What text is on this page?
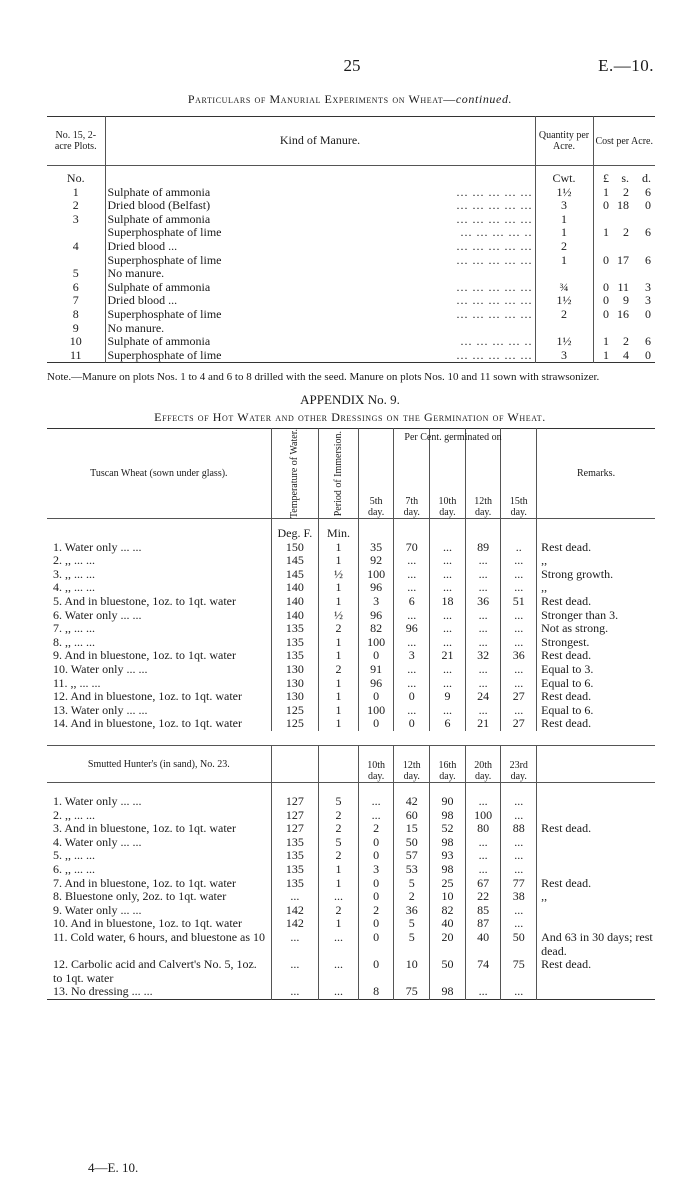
25	E.—10.
Particulars of Manurial Experiments on Wheat—continued.
No. 15, 2-acre Plots.	Kind of Manure.	Quantity per Acre.	Cost per Acre.		
No.		Cwt.	£	s.	d.
1	Sulphate of ammonia ... ... ... ... ...	1½	1	2	6
2	Dried blood (Belfast) ... ... ... ... ...	3	0	18	0
3	Sulphate of ammonia ... ... ... ... ...	1			
	Superphosphate of lime ... ... ... ... ..	1	1	2	6
4	Dried blood ... ... ... ... ... ...	2			
	Superphosphate of lime ... ... ... ... ...	1	0	17	6
5	No manure.

6	Sulphate of ammonia ... ... ... ... ...	¾	0	11	3
7	Dried blood ... ... ... ... ... ...	1½	0	9	3
8	Superphosphate of lime ... ... ... ... ...	2	0	16	0
9	No manure.

10	Sulphate of ammonia ... ... ... ... ..	1½	1	2	6
11	Superphosphate of lime ... ... ... ... ...	3	1	4	0
Note.—Manure on plots Nos. 1 to 4 and 6 to 8 drilled with the seed. Manure on plots Nos. 10 and 11 sown with strawsonizer.
APPENDIX No. 9.
Effects of Hot Water and other Dressings on the Germination of Wheat.
Tuscan Wheat (sown under glass).	Temperature of Water.	Period of Immersion.	5th day.	7th day.	10th day.	12th day.	15th day.	Remarks.
	Deg. F.	Min.						
1. Water only ... ...	150	1	35	70	...	89	..	Rest dead.
2. ,, ... ...	145	1	92	...	...	...	...	,,
3. ,, ... ...	145	½	100	...	...	...	...	Strong growth.
4. ,, ... ...	140	1	96	...	...	...	...	,,
5. And in bluestone, 1oz. to 1qt. water	140	1	3	6	18	36	51	Rest dead.
6. Water only ... ...	140	½	96	...	...	...	...	Stronger than 3.
7. ,, ... ...	135	2	82	96	...	...	...	Not as strong.
8. ,, ... ...	135	1	100	...	...	...	...	Strongest.
9. And in bluestone, 1oz. to 1qt. water	135	1	0	3	21	32	36	Rest dead.
10. Water only ... ...	130	2	91	...	...	...	...	Equal to 3.
11. ,, ... ...	130	1	96	...	...	...	...	Equal to 6.
12. And in bluestone, 1oz. to 1qt. water	130	1	0	0	9	24	27	Rest dead.
13. Water only ... ...	125	1	100	...	...	...	...	Equal to 6.
14. And in bluestone, 1oz. to 1qt. water	125	1	0	0	6	21	27	Rest dead.

Smutted Hunter's (in sand), No. 23.			10th day.	12th day.	16th day.	20th day.	23rd day.	

1. Water only ... ...	127	5	...	42	90	...	...	
2. ,, ... ...	127	2	...	60	98	100	...	
3. And in bluestone, 1oz. to 1qt. water	127	2	2	15	52	80	88	Rest dead.
4. Water only ... ...	135	5	0	50	98	...	...	
5. ,, ... ...	135	2	0	57	93	...	...	
6. ,, ... ...	135	1	3	53	98	...	...	
7. And in bluestone, 1oz. to 1qt. water	135	1	0	5	25	67	77	Rest dead.
8. Bluestone only, 2oz. to 1qt. water	...	...	0	2	10	22	38	,,
9. Water only ... ...	142	2	2	36	82	85	...	
10. And in bluestone, 1oz. to 1qt. water	142	1	0	5	40	87	...	
11. Cold water, 6 hours, and bluestone as 10	...	...	0	5	20	40	50	And 63 in 30 days; rest dead.
12. Carbolic acid and Calvert's No. 5, 1oz. to 1qt. water	...	...	0	10	50	74	75	Rest dead.
13. No dressing ... ...	...	...	8	75	98	...	...	
4—E. 10.
Per Cent. germinated on
